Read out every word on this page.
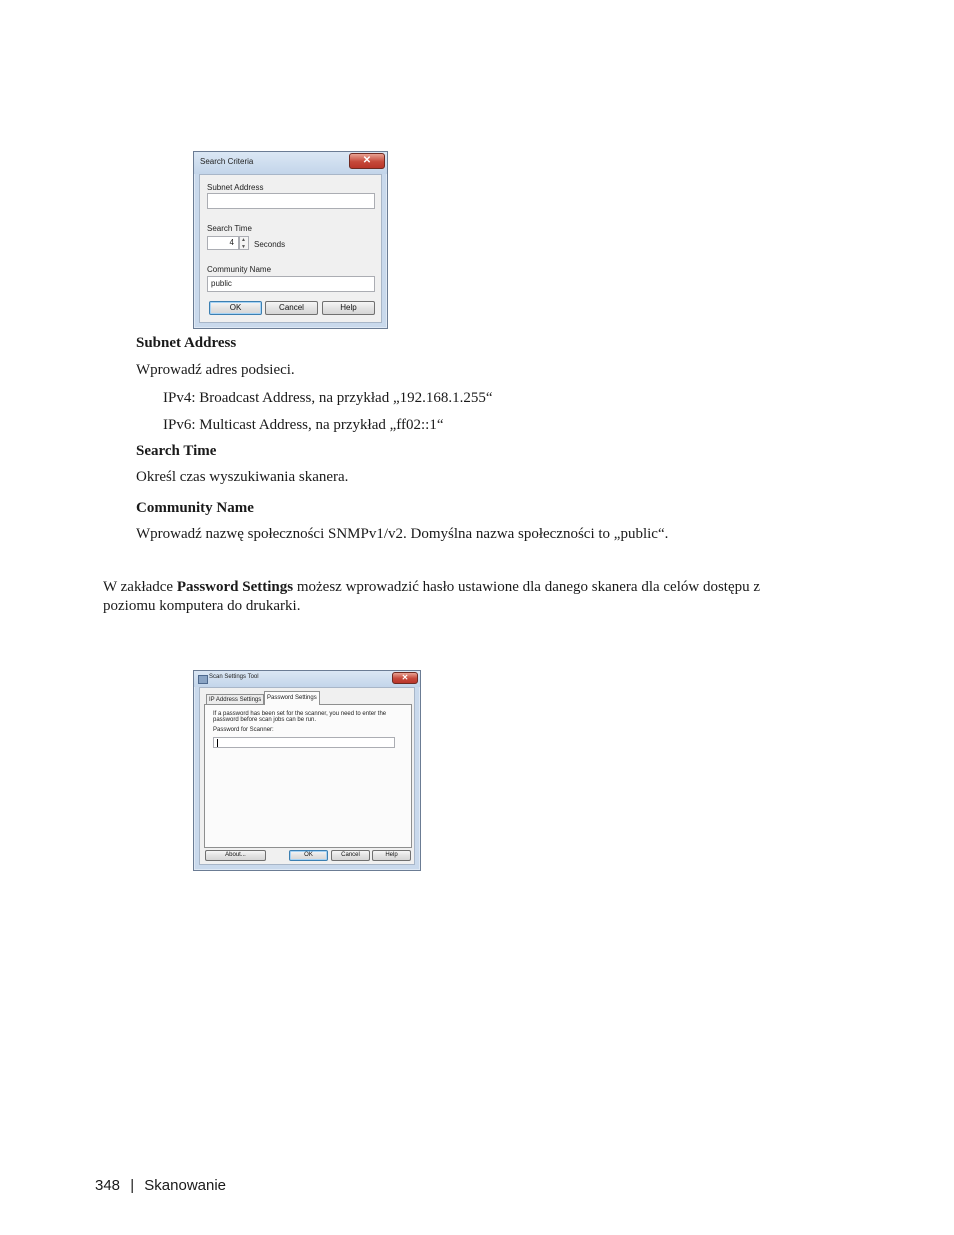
Search Criteria	✕
Subnet Address
Search Time
4 ▲
▼ Seconds
Community Name
public
OK	Cancel	Help
Subnet Address
Wprowadź adres podsieci.
IPv4: Broadcast Address, na przykład „192.168.1.255“
IPv6: Multicast Address, na przykład „ff02::1“
Search Time
Określ czas wyszukiwania skanera.
Community Name
Wprowadź nazwę społeczności SNMPv1/v2. Domyślna nazwa społeczności to „public“.
W zakładce Password Settings możesz wprowadzić hasło ustawione dla danego skanera dla celów dostępu z
poziomu komputera do drukarki.
Scan Settings Tool	✕
IP Address Settings Password Settings
If a password has been set for the scanner, you need to enter the
password before scan jobs can be run.
Password for Scanner:
About...	OK	Cancel	Help
348 | Skanowanie
